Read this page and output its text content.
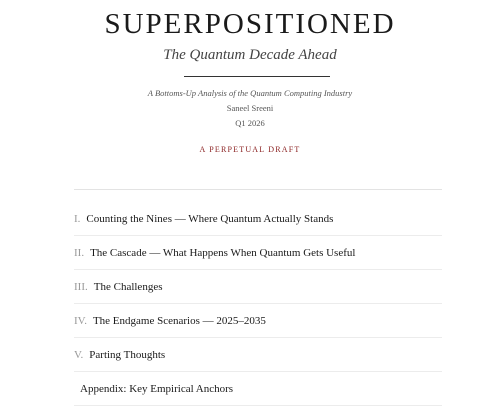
SUPERPOSITIONED
The Quantum Decade Ahead
A Bottoms-Up Analysis of the Quantum Computing Industry
Saneel Sreeni
Q1 2026
A PERPETUAL DRAFT
I. Counting the Nines — Where Quantum Actually Stands
II. The Cascade — What Happens When Quantum Gets Useful
III. The Challenges
IV. The Endgame Scenarios — 2025–2035
V. Parting Thoughts
Appendix: Key Empirical Anchors
